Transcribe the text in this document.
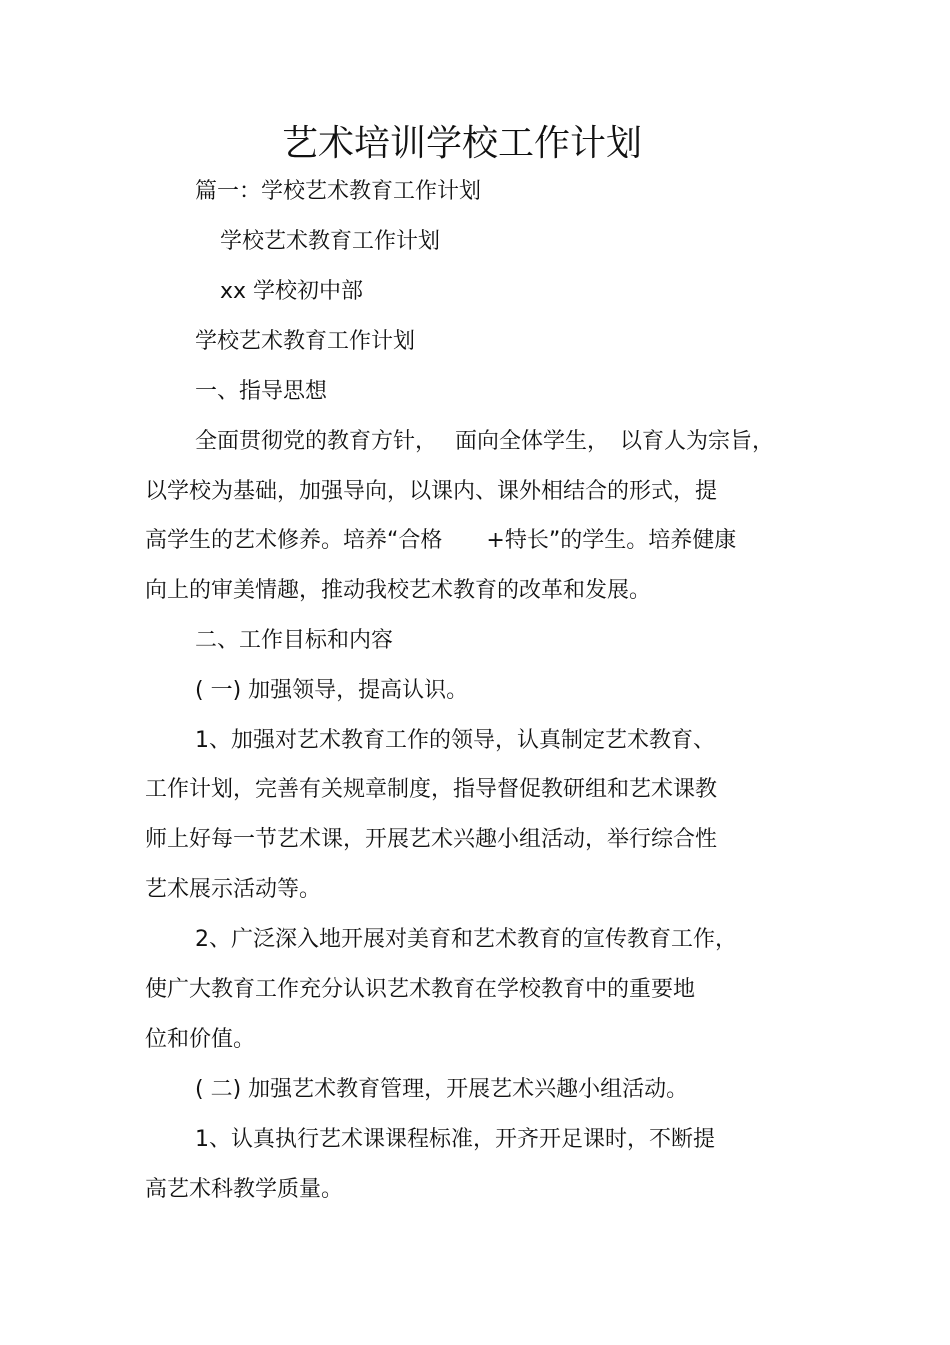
艺术培训学校工作计划
篇一：学校艺术教育工作计划
学校艺术教育工作计划
xx 学校初中部
学校艺术教育工作计划
一、指导思想
全面贯彻党的教育方针，　 面向全体学生，　以育人为宗旨，
以学校为基础，加强导向，以课内、课外相结合的形式，提
高学生的艺术修养。培养“合格　　+特长”的学生。培养健康
向上的审美情趣，推动我校艺术教育的改革和发展。
二、工作目标和内容
( 一) 加强领导，提高认识。
1、加强对艺术教育工作的领导，认真制定艺术教育、
工作计划，完善有关规章制度，指导督促教研组和艺术课教
师上好每一节艺术课，开展艺术兴趣小组活动，举行综合性
艺术展示活动等。
2、广泛深入地开展对美育和艺术教育的宣传教育工作，
使广大教育工作充分认识艺术教育在学校教育中的重要地
位和价值。
( 二) 加强艺术教育管理，开展艺术兴趣小组活动。
1、认真执行艺术课课程标准，开齐开足课时，不断提
高艺术科教学质量。
